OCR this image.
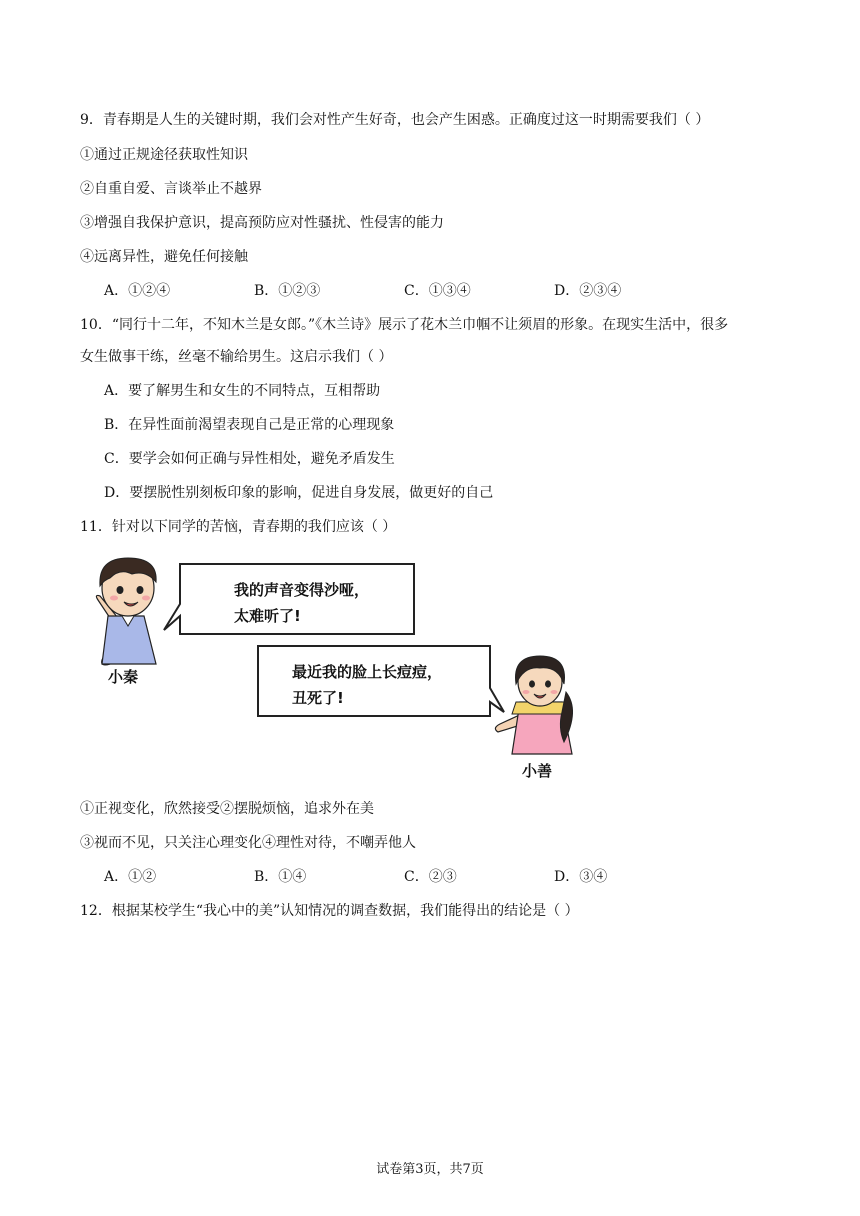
9．青春期是人生的关键时期，我们会对性产生好奇，也会产生困惑。正确度过这一时期需要我们（ ）
①通过正规途径获取性知识
②自重自爱、言谈举止不越界
③增强自我保护意识，提高预防应对性骚扰、性侵害的能力
④远离异性，避免任何接触
A．①②④	B．①②③	C．①③④	D．②③④
10．“同行十二年，不知木兰是女郎。”《木兰诗》展示了花木兰巾帼不让须眉的形象。在现实生活中，很多
女生做事干练，丝毫不输给男生。这启示我们（ ）
A．要了解男生和女生的不同特点，互相帮助
B．在异性面前渴望表现自己是正常的心理现象
C．要学会如何正确与异性相处，避免矛盾发生
D．要摆脱性别刻板印象的影响，促进自身发展，做更好的自己
11．针对以下同学的苦恼，青春期的我们应该（ ）
小秦
我的声音变得沙哑，
太难听了!
最近我的脸上长痘痘，
丑死了!
小善
①正视变化，欣然接受②摆脱烦恼，追求外在美
③视而不见，只关注心理变化④理性对待，不嘲弄他人
A．①②	B．①④	C．②③	D．③④
12．根据某校学生“我心中的美”认知情况的调查数据，我们能得出的结论是（ ）
试卷第3页，共7页
